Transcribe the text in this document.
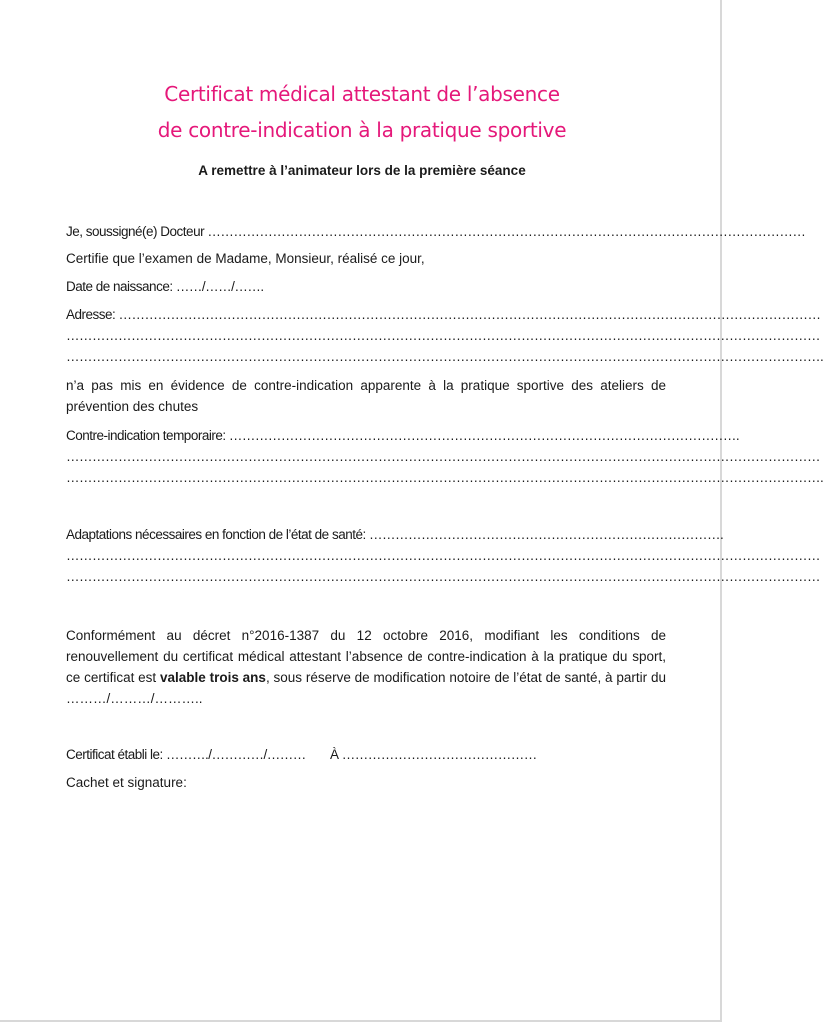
Certificat médical attestant de l’absence
de contre-indication à la pratique sportive
A remettre à l’animateur lors de la première séance
Je, soussigné(e) Docteur …………………………………………………………………………………………………………………………
Certifie que l’examen de Madame, Monsieur, réalisé ce jour,
Date de naissance: ……/……/…….
Adresse: ………………………………………………………………………………………………………………………………………………
…………………………………………………………………………………………………………………………………………………………
………………………………………………………………………………………………………………………………………………………….
n’a pas mis en évidence de contre-indication apparente à la pratique sportive des ateliers de prévention des chutes
Contre-indication temporaire: ……………………………………………………………………………………………………….
…………………………………………………………………………………………………………………………………………………………
………………………………………………………………………………………………………………………………………………………….
Adaptations nécessaires en fonction de l’état de santé: ……………………………………………………………………….
…………………………………………………………………………………………………………………………………………………………
…………………………………………………………………………………………………………………………………………………………
Conformément au décret n°2016-1387 du 12 octobre 2016, modifiant les conditions de renouvellement du certificat médical attestant l’absence de contre-indication à la pratique du sport, ce certificat est valable trois ans, sous réserve de modification notoire de l’état de santé, à partir du ………/………/………..
Certificat établi le: ………./…………/………	À ………………………………………
Cachet et signature:
